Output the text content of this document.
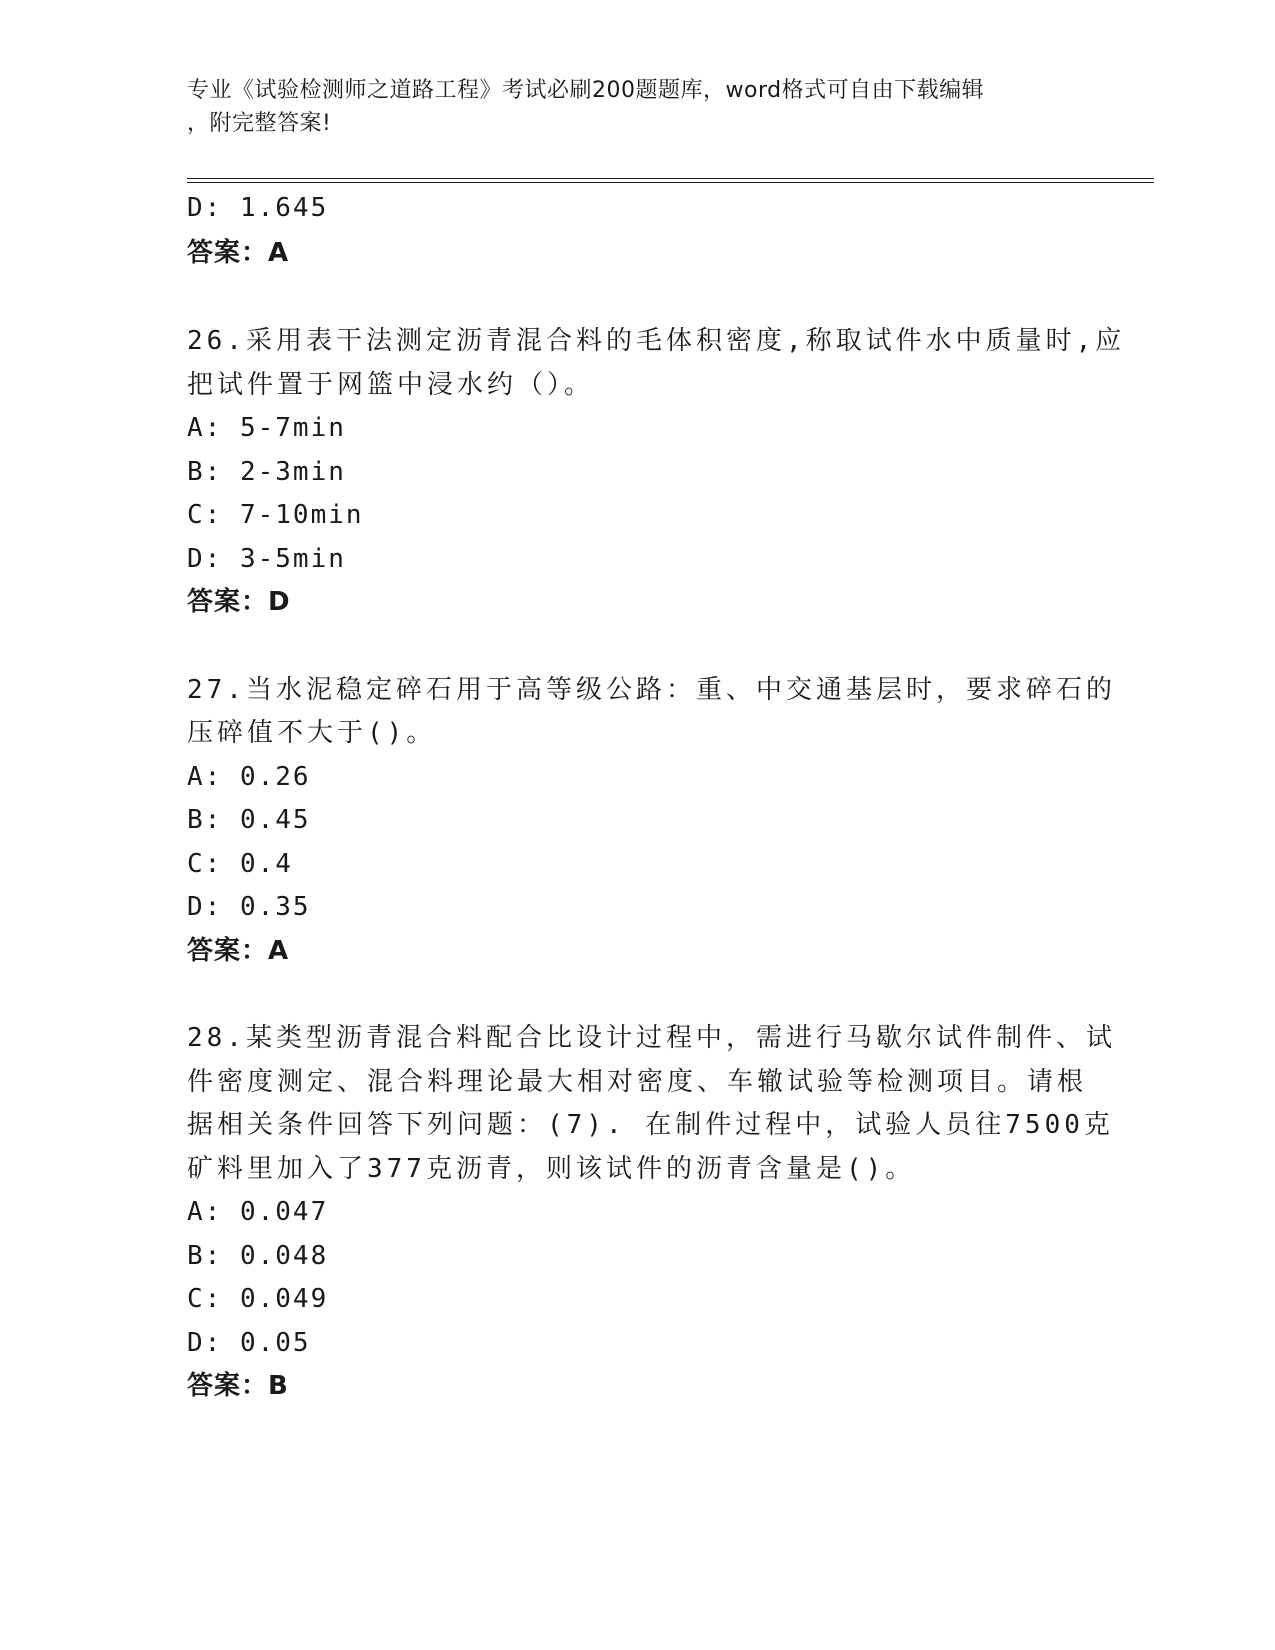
专业《试验检测师之道路工程》考试必刷200题题库，word格式可自由下载编辑
，附完整答案!
D: 1.645
答案：A
26.采用表干法测定沥青混合料的毛体积密度,称取试件水中质量时,应
把试件置于网篮中浸水约（）。
A: 5-7min
B: 2-3min
C: 7-10min
D: 3-5min
答案：D
27.当水泥稳定碎石用于高等级公路：重、中交通基层时，要求碎石的
压碎值不大于()。
A: 0.26
B: 0.45
C: 0.4
D: 0.35
答案：A
28.某类型沥青混合料配合比设计过程中，需进行马歇尔试件制件、试
件密度测定、混合料理论最大相对密度、车辙试验等检测项目。请根
据相关条件回答下列问题：(7). 在制件过程中，试验人员往7500克
矿料里加入了377克沥青，则该试件的沥青含量是()。
A: 0.047
B: 0.048
C: 0.049
D: 0.05
答案：B
